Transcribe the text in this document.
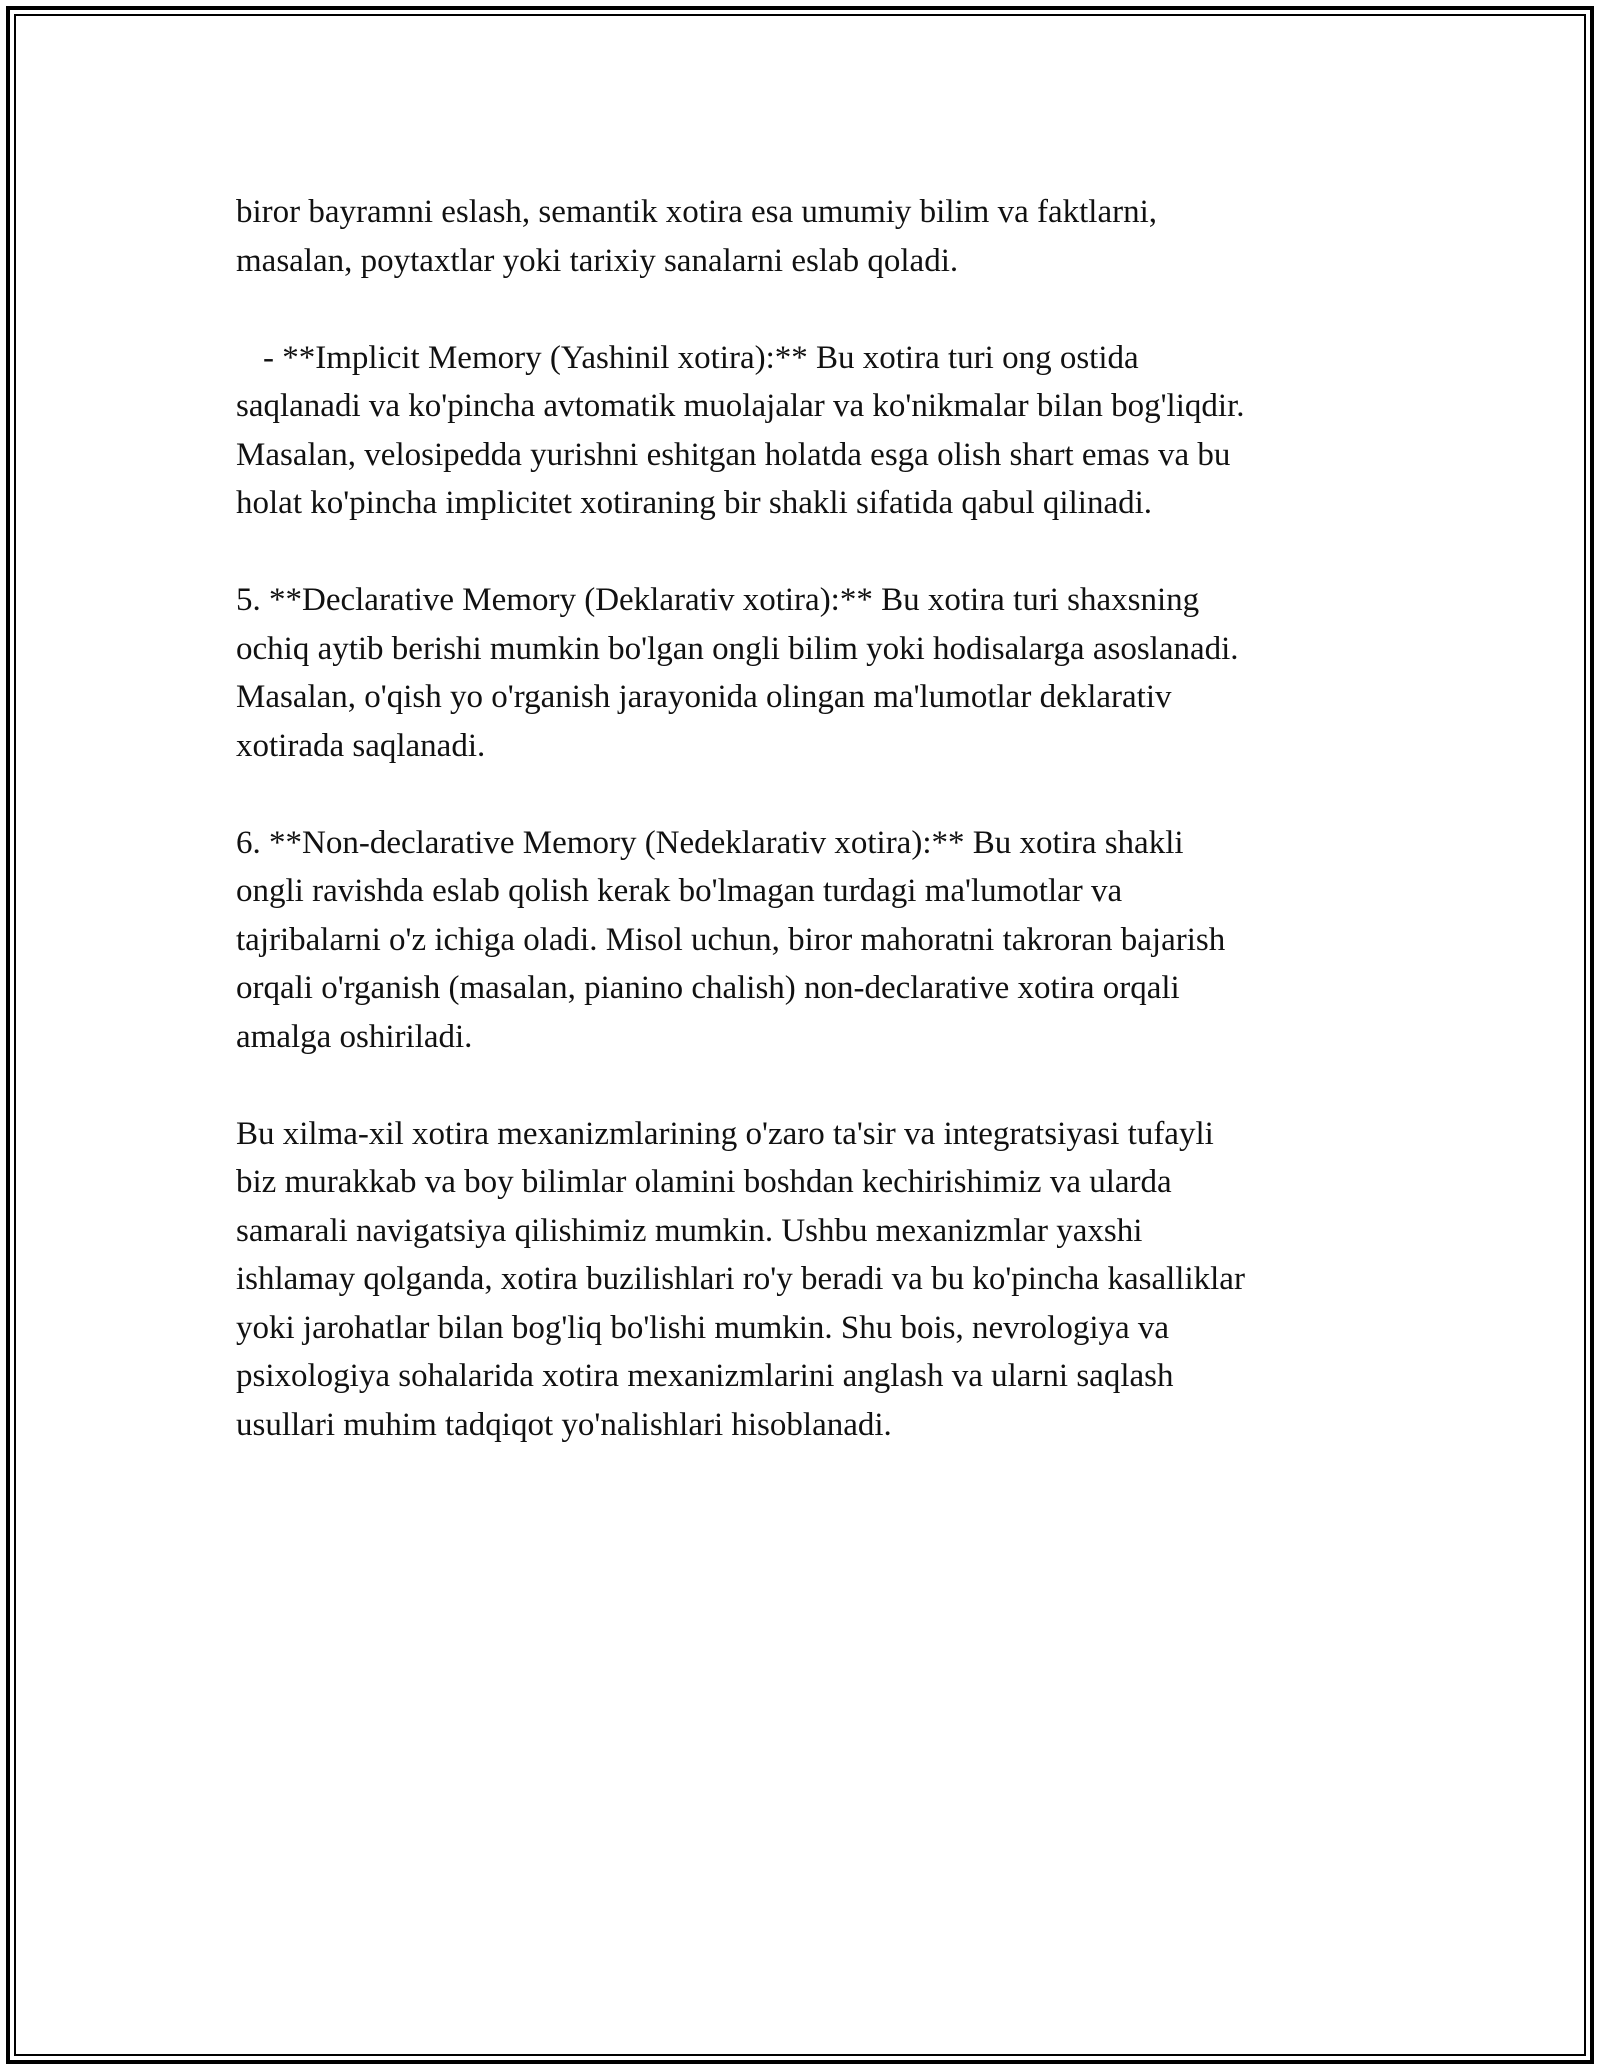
biror bayramni eslash, semantik xotira esa umumiy bilim va faktlarni,
masalan, poytaxtlar yoki tarixiy sanalarni eslab qoladi.

- **Implicit Memory (Yashinil xotira):** Bu xotira turi ong ostida
saqlanadi va ko'pincha avtomatik muolajalar va ko'nikmalar bilan bog'liqdir.
Masalan, velosipedda yurishni eshitgan holatda esga olish shart emas va bu
holat ko'pincha implicitet xotiraning bir shakli sifatida qabul qilinadi.

5. **Declarative Memory (Deklarativ xotira):** Bu xotira turi shaxsning
ochiq aytib berishi mumkin bo'lgan ongli bilim yoki hodisalarga asoslanadi.
Masalan, o'qish yo o'rganish jarayonida olingan ma'lumotlar deklarativ
xotirada saqlanadi.

6. **Non-declarative Memory (Nedeklarativ xotira):** Bu xotira shakli
ongli ravishda eslab qolish kerak bo'lmagan turdagi ma'lumotlar va
tajribalarni o'z ichiga oladi. Misol uchun, biror mahoratni takroran bajarish
orqali o'rganish (masalan, pianino chalish) non-declarative xotira orqali
amalga oshiriladi.

Bu xilma-xil xotira mexanizmlarining o'zaro ta'sir va integratsiyasi tufayli
biz murakkab va boy bilimlar olamini boshdan kechirishimiz va ularda
samarali navigatsiya qilishimiz mumkin. Ushbu mexanizmlar yaxshi
ishlamay qolganda, xotira buzilishlari ro'y beradi va bu ko'pincha kasalliklar
yoki jarohatlar bilan bog'liq bo'lishi mumkin. Shu bois, nevrologiya va
psixologiya sohalarida xotira mexanizmlarini anglash va ularni saqlash
usullari muhim tadqiqot yo'nalishlari hisoblanadi.
